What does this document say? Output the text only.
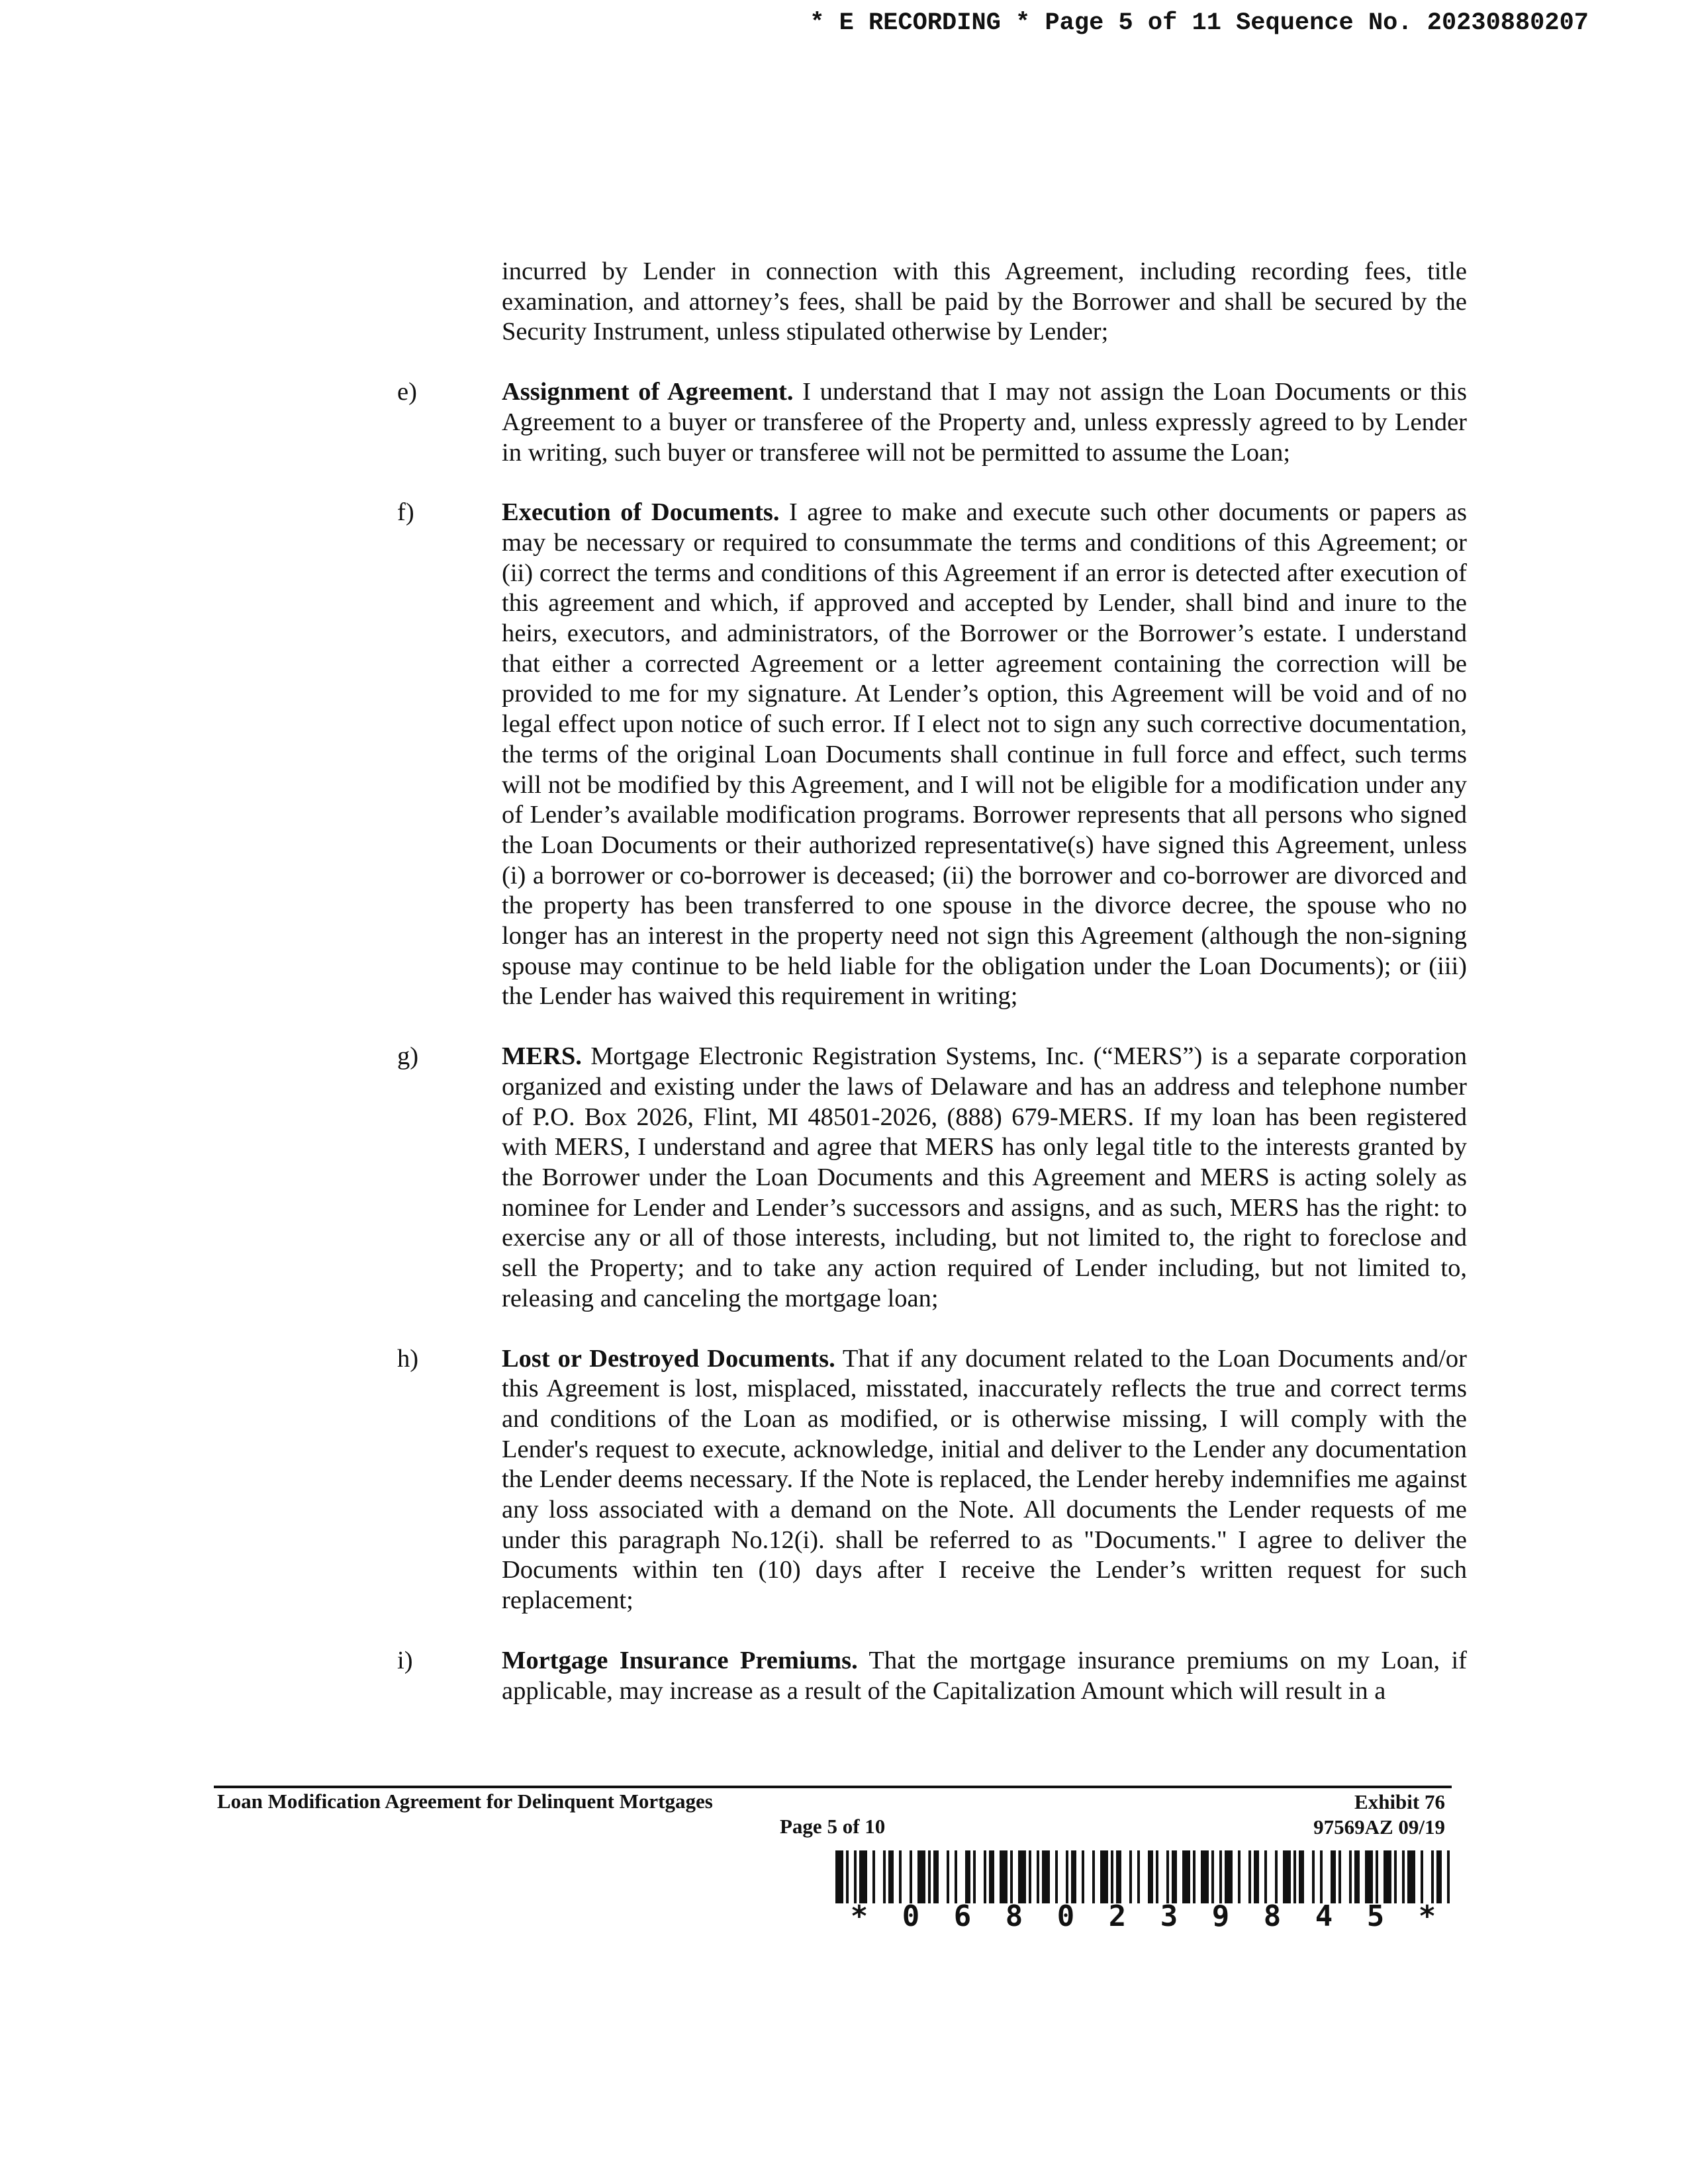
* E RECORDING * Page 5 of 11 Sequence No. 20230880207
incurred by Lender in connection with this Agreement, including recording fees, title examination, and attorney’s fees, shall be paid by the Borrower and shall be secured by the Security Instrument, unless stipulated otherwise by Lender;
e)	Assignment of Agreement. I understand that I may not assign the Loan Documents or this Agreement to a buyer or transferee of the Property and, unless expressly agreed to by Lender in writing, such buyer or transferee will not be permitted to assume the Loan;
f)	Execution of Documents. I agree to make and execute such other documents or papers as may be necessary or required to consummate the terms and conditions of this Agreement; or (ii) correct the terms and conditions of this Agreement if an error is detected after execution of this agreement and which, if approved and accepted by Lender, shall bind and inure to the heirs, executors, and administrators, of the Borrower or the Borrower’s estate. I understand that either a corrected Agreement or a letter agreement containing the correction will be provided to me for my signature. At Lender’s option, this Agreement will be void and of no legal effect upon notice of such error. If I elect not to sign any such corrective documentation, the terms of the original Loan Documents shall continue in full force and effect, such terms will not be modified by this Agreement, and I will not be eligible for a modification under any of Lender’s available modification programs. Borrower represents that all persons who signed the Loan Documents or their authorized representative(s) have signed this Agreement, unless (i) a borrower or co-borrower is deceased; (ii) the borrower and co-borrower are divorced and the property has been transferred to one spouse in the divorce decree, the spouse who no longer has an interest in the property need not sign this Agreement (although the non-signing spouse may continue to be held liable for the obligation under the Loan Documents); or (iii) the Lender has waived this requirement in writing;
g)	MERS. Mortgage Electronic Registration Systems, Inc. (“MERS”) is a separate corporation organized and existing under the laws of Delaware and has an address and telephone number of P.O. Box 2026, Flint, MI 48501-2026, (888) 679-MERS. If my loan has been registered with MERS, I understand and agree that MERS has only legal title to the interests granted by the Borrower under the Loan Documents and this Agreement and MERS is acting solely as nominee for Lender and Lender’s successors and assigns, and as such, MERS has the right: to exercise any or all of those interests, including, but not limited to, the right to foreclose and sell the Property; and to take any action required of Lender including, but not limited to, releasing and canceling the mortgage loan;
h)	Lost or Destroyed Documents. That if any document related to the Loan Documents and/or this Agreement is lost, misplaced, misstated, inaccurately reflects the true and correct terms and conditions of the Loan as modified, or is otherwise missing, I will comply with the Lender's request to execute, acknowledge, initial and deliver to the Lender any documentation the Lender deems necessary. If the Note is replaced, the Lender hereby indemnifies me against any loss associated with a demand on the Note. All documents the Lender requests of me under this paragraph No.12(i). shall be referred to as "Documents." I agree to deliver the Documents within ten (10) days after I receive the Lender’s written request for such replacement;
i)	Mortgage Insurance Premiums. That the mortgage insurance premiums on my Loan, if applicable, may increase as a result of the Capitalization Amount which will result in a
Loan Modification Agreement for Delinquent Mortgages
Page 5 of 10
Exhibit 76
97569AZ 09/19
*	0	6	8	0	2	3	9	8	4	5	*
